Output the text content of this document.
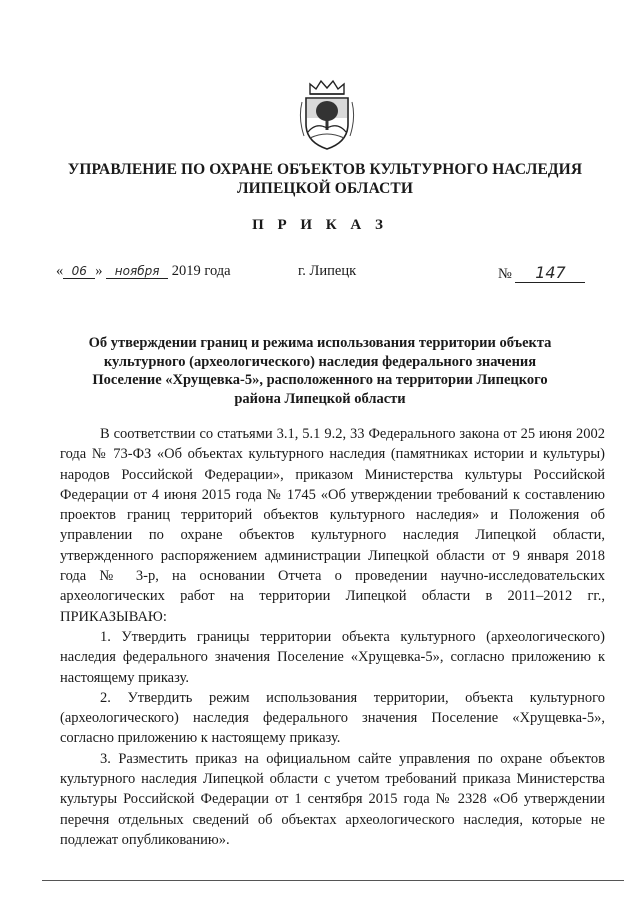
УПРАВЛЕНИЕ ПО ОХРАНЕ ОБЪЕКТОВ КУЛЬТУРНОГО НАСЛЕДИЯ ЛИПЕЦКОЙ ОБЛАСТИ
П Р И К А З
« 06 » ноября 2019 года	г. Липецк	№ 147
Об утверждении границ и режима использования территории объекта культурного (археологического) наследия федерального значения Поселение «Хрущевка-5», расположенного на территории Липецкого района Липецкой области

В соответствии со статьями 3.1, 5.1 9.2, 33 Федерального закона от 25 июня 2002 года № 73-ФЗ «Об объектах культурного наследия (памятниках истории и культуры) народов Российской Федерации», приказом Министерства культуры Российской Федерации от 4 июня 2015 года № 1745 «Об утверждении требований к составлению проектов границ территорий объектов культурного наследия» и Положения об управлении по охране объектов культурного наследия Липецкой области, утвержденного распоряжением администрации Липецкой области от 9 января 2018 года № 3-р, на основании Отчета о проведении научно-исследовательских археологических работ на территории Липецкой области в 2011–2012 гг., ПРИКАЗЫВАЮ:

1. Утвердить границы территории объекта культурного (археологического) наследия федерального значения Поселение «Хрущевка-5», согласно приложению к настоящему приказу.

2. Утвердить режим использования территории, объекта культурного (археологического) наследия федерального значения Поселение «Хрущевка-5», согласно приложению к настоящему приказу.

3. Разместить приказ на официальном сайте управления по охране объектов культурного наследия Липецкой области с учетом требований приказа Министерства культуры Российской Федерации от 1 сентября 2015 года № 2328 «Об утверждении перечня отдельных сведений об объектах археологического наследия, которые не подлежат опубликованию».
